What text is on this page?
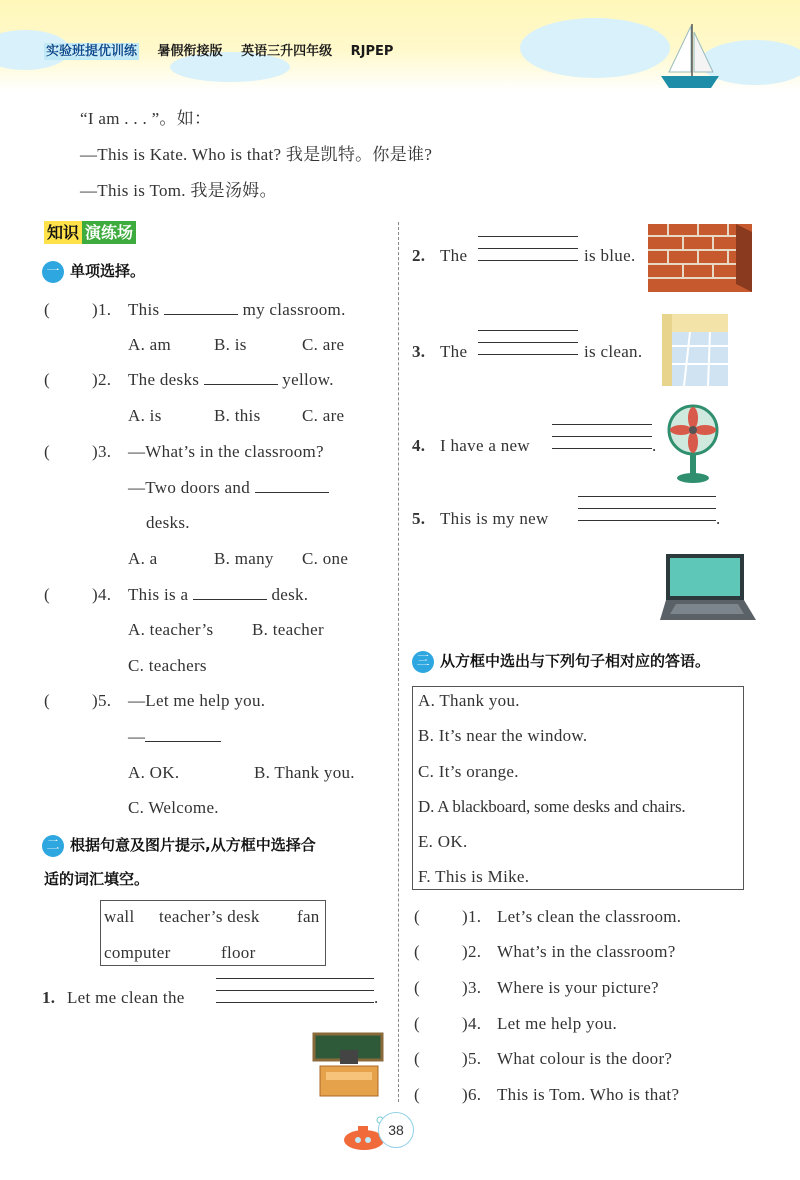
实验班提优训练 暑假衔接版 英语三升四年级 RJPEP
“I am . . . ”。如：
—This is Kate. Who is that? 我是凯特。你是谁?
—This is Tom. 我是汤姆。
知识 演练场
一 单项选择。
( )1. This	my classroom.
A. am	B. is	C. are
( )2. The desks	yellow.
A. is	B. this C. are
( )3. —What’s in the classroom?
—Two doors and
desks.
A. a	B. many C. one
( )4. This is a	desk.
A. teacher’s B. teacher
C. teachers
( )5. —Let me help you.
—
A. OK.	B. Thank you.
C. Welcome.
二 根据句意及图片提示,从方框中选择合
适的词汇填空。
wall teacher’s desk fan
computer	floor
1. Let me clean the	.
2. The	is blue.
3. The	is clean.
4. I have a new	.
5. This is my new	.
三 从方框中选出与下列句子相对应的答语。
A. Thank you.
B. It’s near the window.
C. It’s orange.
D. A blackboard, some desks and chairs.
E. OK.
F. This is Mike.
( )1. Let’s clean the classroom.
( )2. What’s in the classroom?
( )3. Where is your picture?
( )4. Let me help you.
( )5. What colour is the door?
( )6. This is Tom. Who is that?
38
